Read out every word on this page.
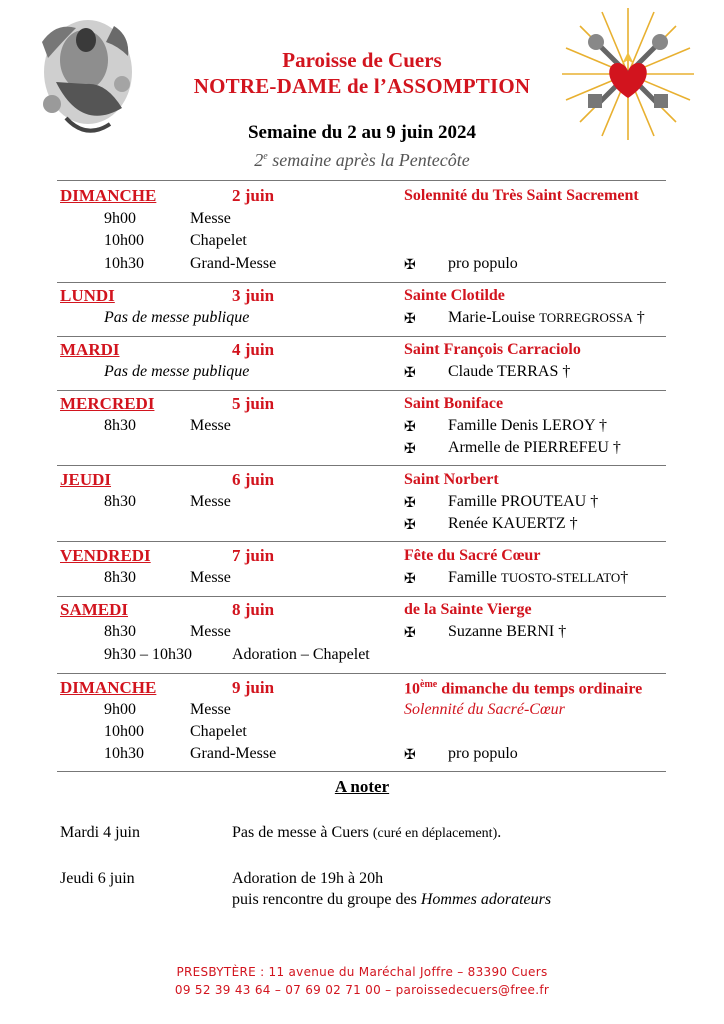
Paroisse de Cuers
NOTRE-DAME de l’ASSOMPTION
Semaine du 2 au 9 juin 2024
2e semaine après la Pentecôte
DIMANCHE	2 juin	Solennité du Très Saint Sacrement
9h00	Messe
10h00	Chapelet
10h30	Grand-Messe	✠ pro populo
LUNDI	3 juin	Sainte Clotilde
Pas de messe publique	✠ Marie-Louise TORREGROSSA †
MARDI	4 juin	Saint François Carraciolo
Pas de messe publique	✠ Claude TERRAS †
MERCREDI	5 juin	Saint Boniface
8h30	Messe	✠ Famille Denis LEROY †
✠ Armelle de PIERREFEU †
JEUDI	6 juin	Saint Norbert
8h30	Messe	✠ Famille PROUTEAU †
✠ Renée KAUERTZ †
VENDREDI	7 juin	Fête du Sacré Cœur
8h30	Messe	✠ Famille TUOSTO-STELLATO†
SAMEDI	8 juin	de la Sainte Vierge
8h30	Messe	✠ Suzanne BERNI †
9h30 – 10h30	Adoration – Chapelet
DIMANCHE	9 juin	10ème dimanche du temps ordinaire
Solennité du Sacré-Cœur
9h00	Messe
10h00	Chapelet
10h30	Grand-Messe	✠ pro populo
A noter
Mardi 4 juin	Pas de messe à Cuers (curé en déplacement).
Jeudi 6 juin	Adoration de 19h à 20h
puis rencontre du groupe des Hommes adorateurs
PRESBYTÈRE : 11 avenue du Maréchal Joffre – 83390 Cuers
09 52 39 43 64 – 07 69 02 71 00 – paroissedecuers@free.fr
